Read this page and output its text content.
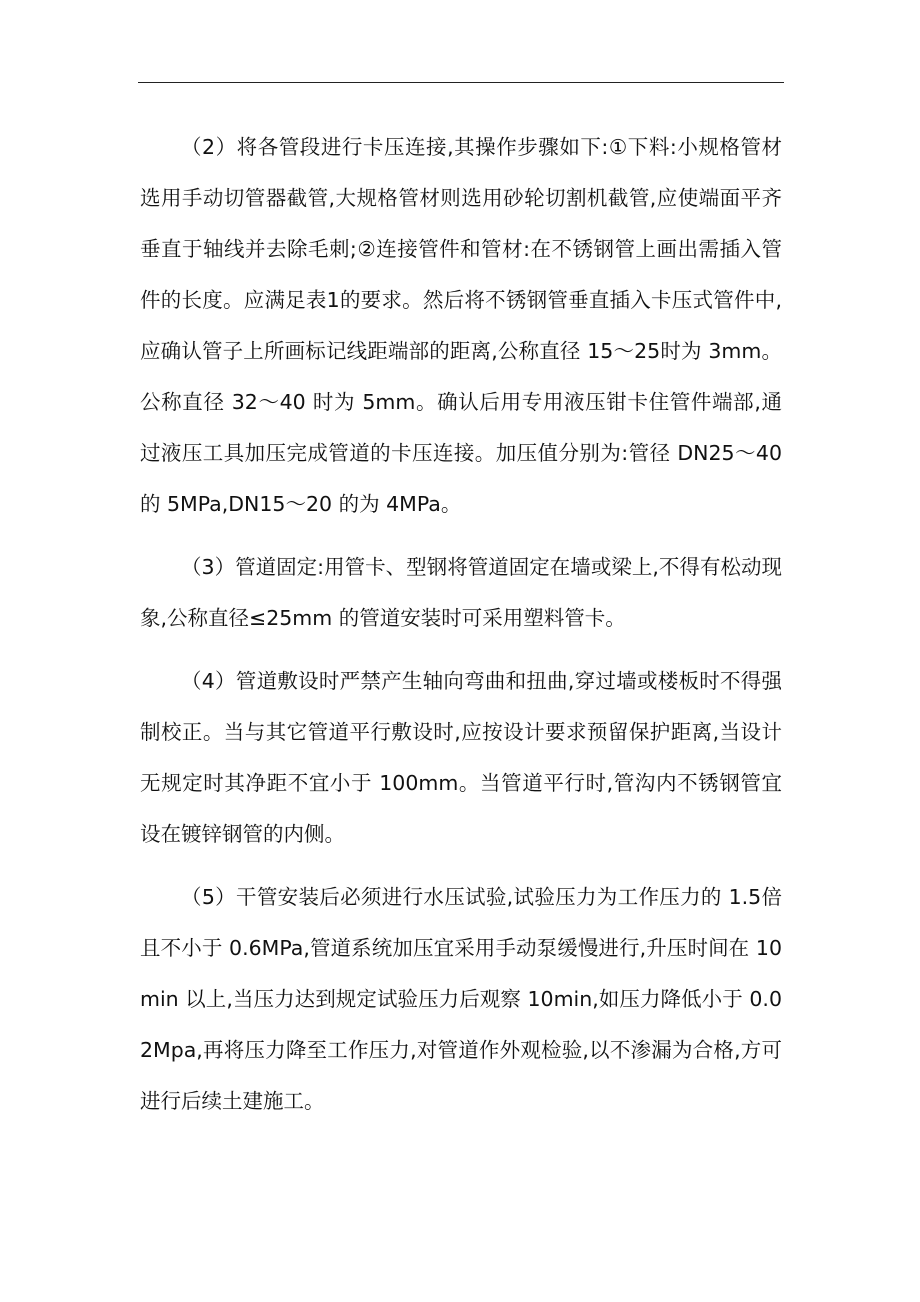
（2）将各管段进行卡压连接,其操作步骤如下:①下料:小规格管材选用手动切管器截管,大规格管材则选用砂轮切割机截管,应使端面平齐垂直于轴线并去除毛刺;②连接管件和管材:在不锈钢管上画出需插入管件的长度。应满足表1的要求。然后将不锈钢管垂直插入卡压式管件中,应确认管子上所画标记线距端部的距离,公称直径 15～25时为 3mm。公称直径 32～40 时为 5mm。确认后用专用液压钳卡住管件端部,通过液压工具加压完成管道的卡压连接。加压值分别为:管径 DN25～40 的 5MPa,DN15～20 的为 4MPa。

（3）管道固定:用管卡、型钢将管道固定在墙或梁上,不得有松动现象,公称直径≤25mm 的管道安装时可采用塑料管卡。

（4）管道敷设时严禁产生轴向弯曲和扭曲,穿过墙或楼板时不得强制校正。当与其它管道平行敷设时,应按设计要求预留保护距离,当设计无规定时其净距不宜小于 100mm。当管道平行时,管沟内不锈钢管宜设在镀锌钢管的内侧。

（5）干管安装后必须进行水压试验,试验压力为工作压力的 1.5倍且不小于 0.6MPa,管道系统加压宜采用手动泵缓慢进行,升压时间在 10min 以上,当压力达到规定试验压力后观察 10min,如压力降低小于 0.02Mpa,再将压力降至工作压力,对管道作外观检验,以不渗漏为合格,方可进行后续土建施工。
